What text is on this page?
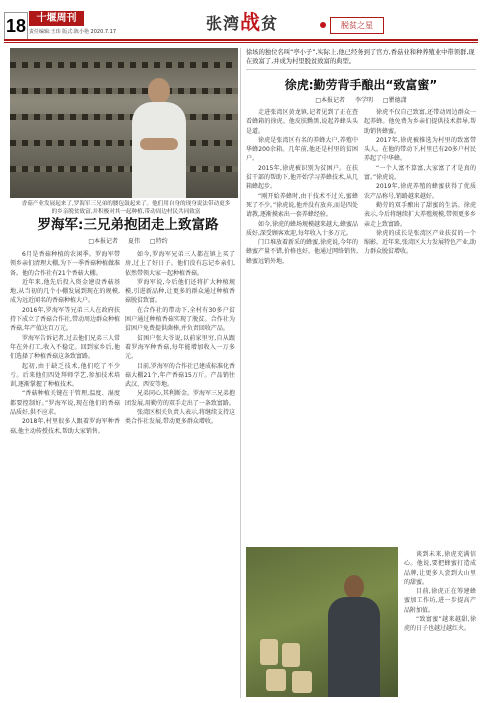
18	十堰周刊
责任编辑:王玮 版式:陈小艳 2020.7.17	张湾战贫	脱贫之星
香菇产业发展起来了,罗海军三兄弟的腰包鼓起来了。他们用自身的现身说法带动更多的乡亲脱贫致富,并积极对其一起种植,带动周边村民共同致富
罗海军:三兄弟抱团走上致富路
□本报记者 夏伟 □特约

6月是香菇种植的农闲季。罗海军带领乡亲们清理大棚,为下一季香菇种植做准备。他的合作社有21个香菇大棚。

近年来,他先后投入资金建设香菇基地,从当初的几个小棚发展到现在的规模,成为远近闻名的香菇种植大户。

2016年,罗海军等兄弟三人在政府扶持下成立了香菇合作社,带动周边群众种植香菇,年产值达百万元。

罗海军告诉记者,过去他们兄弟三人常年在外打工,收入不稳定。回到家乡后,他们选择了种植香菇这条致富路。

起初,由于缺乏技术,他们吃了不少亏。后来他们四处拜师学艺,参加技术培训,逐渐掌握了种植技术。

“香菇种植关键在于管理,温度、湿度都要控制好。”罗海军说,现在他们的香菇品质好,供不应求。

2018年,村里很多人跟着罗海军种香菇,他主动传授技术,帮助大家销售。

如今,罗海军兄弟三人都在镇上买了房,过上了好日子。他们没有忘记乡亲们,依然带领大家一起种植香菇。

罗海军说,今后他们还将扩大种植规模,引进新品种,让更多的群众通过种植香菇脱贫致富。

在合作社的带动下,全村有30多户贫困户通过种植香菇实现了脱贫。合作社为贫困户免费提供菌棒,并负责回收产品。

贫困户张大爷说,以前家里穷,自从跟着罗海军种香菇,每年能增加收入一万多元。

目前,罗海军的合作社已建成标准化香菇大棚21个,年产香菇15万斤。产品销往武汉、西安等地。

兄弟同心,其利断金。罗海军三兄弟抱团发展,用勤劳的双手走出了一条致富路。

张湾区相关负责人表示,将继续支持这类合作社发展,带动更多群众增收。

徐垓的独位名叫“亭小子”,实际上,他已经务到了官方,香菇业和种养殖业中带领群,现在致富了,并成为村里脱贫致富的典型。
徐虎:勤劳背手酿出“致富蜜”
□本报记者 李学明 □瞿德潇

走进张湾区黄龙镇,记者见到了正在查看蜂箱的徐虎。他皮肤黝黑,说起养蜂头头是道。

徐虎是张湾区有名的养蜂大户,养殖中华蜂200余箱。几年前,他还是村里的贫困户。

2015年,徐虎被识别为贫困户。在扶贫干部的帮助下,他开始学习养蜂技术,从几箱蜂起步。

“刚开始养蜂时,由于技术不过关,蜜蜂死了不少。”徐虎说,他并没有放弃,而是四处请教,逐渐摸索出一套养蜂经验。

如今,徐虎的蜂场规模越来越大,蜂蜜品质好,深受顾客欢迎,每年收入十多万元。

门口堆放着新采的蜂蜜,徐虎说,今年的蜂蜜产量不错,价格也好。他通过网络销售,蜂蜜远销外地。

徐虎不仅自己致富,还带动周边群众一起养蜂。他免费为乡亲们提供技术指导,帮助销售蜂蜜。

2017年,徐虎被推选为村里的致富带头人。在他的带动下,村里已有20多户村民养起了中华蜂。

“一个人富不算富,大家富了才是真的富。”徐虎说。

2019年,徐虎养殖的蜂蜜获得了优质农产品称号,销路越来越好。

勤劳的双手酿出了甜蜜的生活。徐虎表示,今后将继续扩大养殖规模,带领更多乡亲走上致富路。

徐虎的成长是张湾区产业扶贫的一个缩影。近年来,张湾区大力发展特色产业,助力群众脱贫增收。

谈到未来,徐虎充满信心。他说,要把蜂蜜打造成品牌,让更多人尝到大山里的甜蜜。

目前,徐虎正在筹建蜂蜜加工作坊,进一步提高产品附加值。

“致富蜜”越来越甜,徐虎的日子也越过越红火。
